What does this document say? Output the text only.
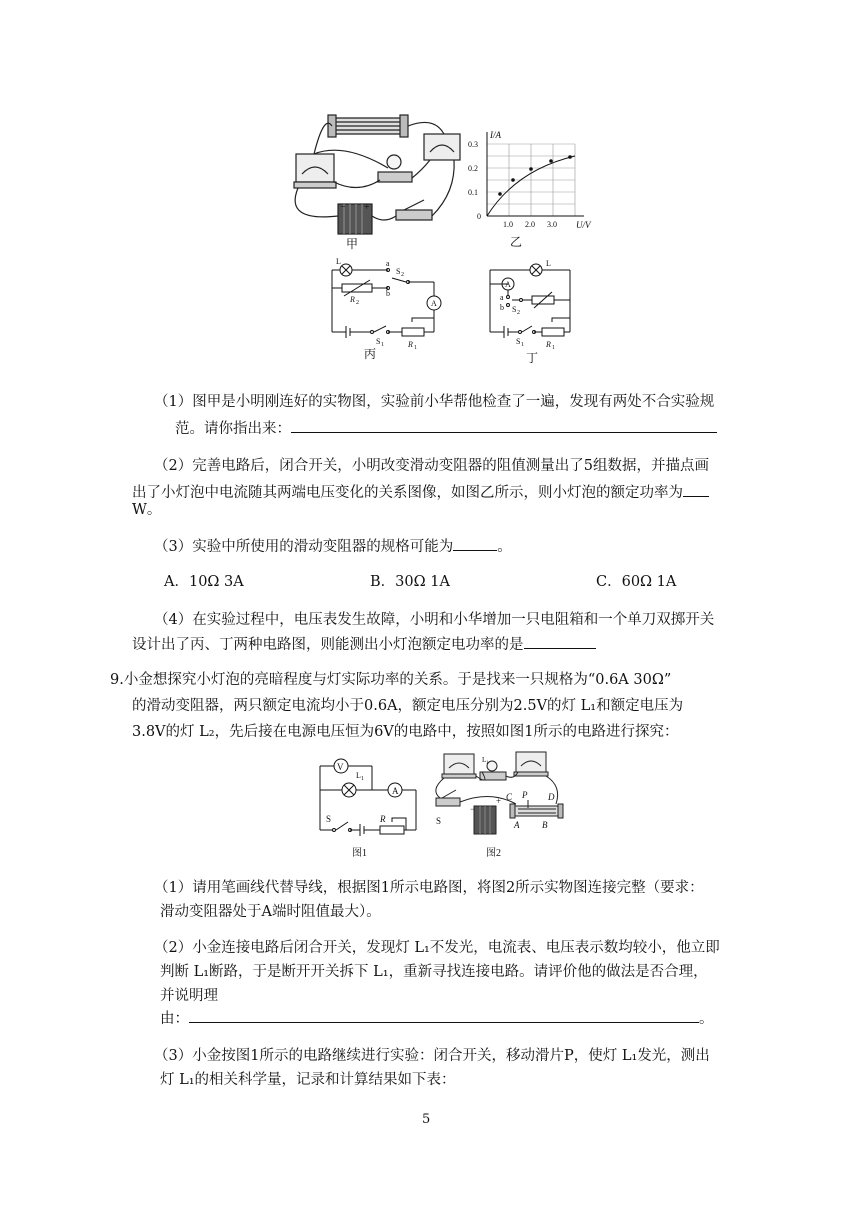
− +
甲
I/A
0.3
0.2
0.1
0
1.0 2.0 3.0 U/V
乙
L	a
S 2
R 2
b
A
S 1	R 1
丙
L
A
a
b S 2
S 1	R 1
丁
（1）图甲是小明刚连好的实物图，实验前小华帮他检查了一遍，发现有两处不合实验规
范。请你指出来：
（2）完善电路后，闭合开关，小明改变滑动变阻器的阻值测量出了5组数据，并描点画
出了小灯泡中电流随其两端电压变化的关系图像，如图乙所示，则小灯泡的额定功率为
W。
（3）实验中所使用的滑动变阻器的规格可能为	。
A．10Ω 3A	B．30Ω 1A	C．60Ω 1A
（4）在实验过程中，电压表发生故障，小明和小华增加一只电阻箱和一个单刀双掷开关
设计出了丙、丁两种电路图，则能测出小灯泡额定电功率的是
9.小金想探究小灯泡的亮暗程度与灯实际功率的关系。于是找来一只规格为“0.6A 30Ω”
的滑动变阻器，两只额定电流均小于0.6A，额定电压分别为2.5V的灯 L₁和额定电压为
3.8V的灯 L₂，先后接在电源电压恒为6V的电路中，按照如图1所示的电路进行探究：
V
L 1
A
S	R
图1
S
−
+
L 1
C P D
A	B
图2
（1）请用笔画线代替导线，根据图1所示电路图，将图2所示实物图连接完整（要求：
滑动变阻器处于A端时阻值最大）。
（2）小金连接电路后闭合开关，发现灯 L₁不发光，电流表、电压表示数均较小，他立即
判断 L₁断路，于是断开开关拆下 L₁，重新寻找连接电路。请评价他的做法是否合理，
并说明理
由：	。
（3）小金按图1所示的电路继续进行实验：闭合开关，移动滑片P，使灯 L₁发光，测出
灯 L₁的相关科学量，记录和计算结果如下表：
5
